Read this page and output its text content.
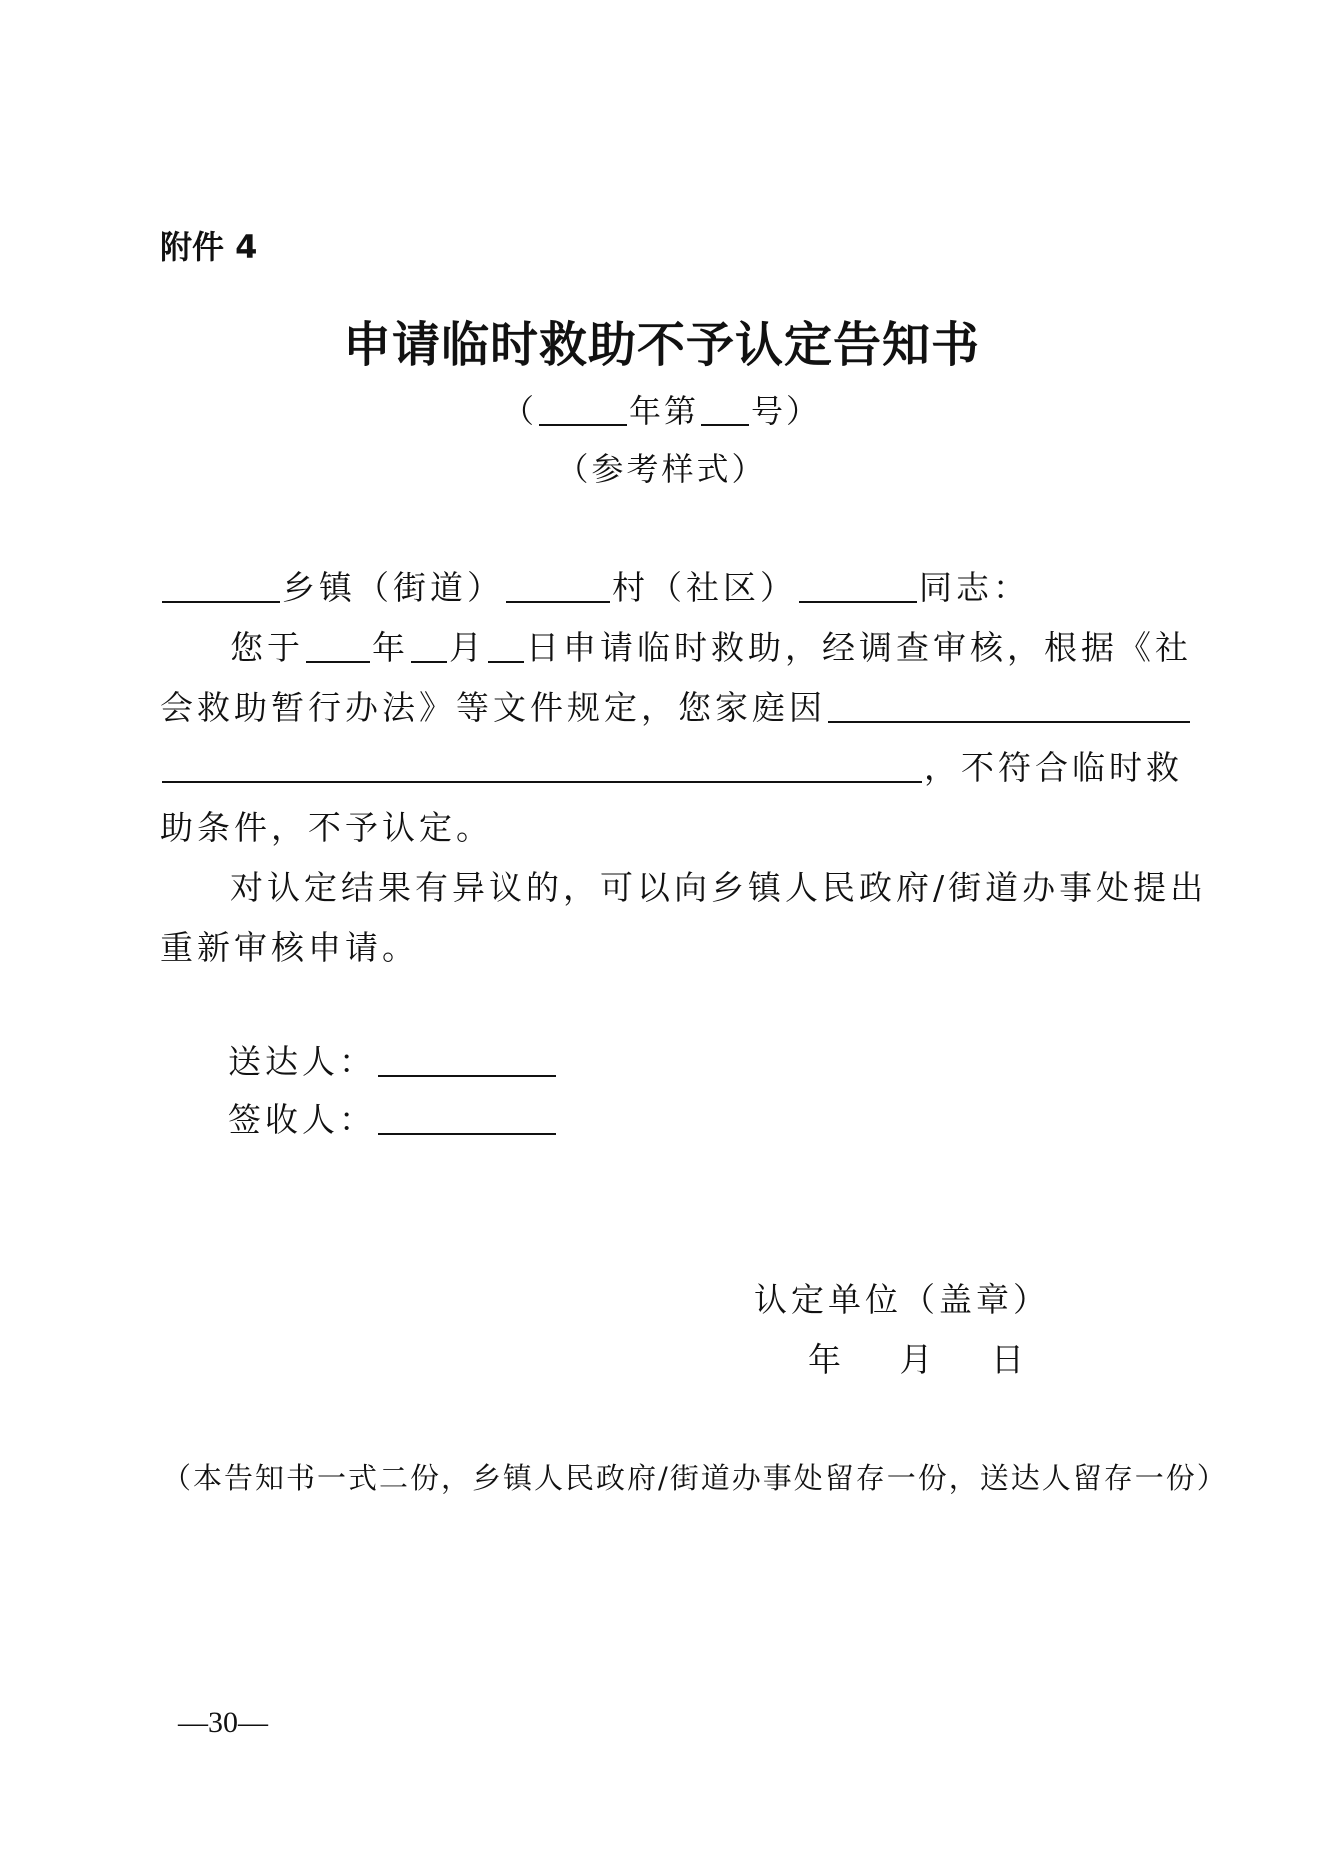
附件 4
申请临时救助不予认定告知书
（	年第 号）
（参考样式）
乡镇（街道）	村（社区）	同志：
您于 年 月 日申请临时救助，经调查审核，根据《社
会救助暂行办法》等文件规定，您家庭因
，不符合临时救
助条件，不予认定。
对认定结果有异议的，可以向乡镇人民政府/街道办事处提出
重新审核申请。
送达人：
签收人：
认定单位（盖章）
年 月 日
（本告知书一式二份，乡镇人民政府/街道办事处留存一份，送达人留存一份）
—30—
